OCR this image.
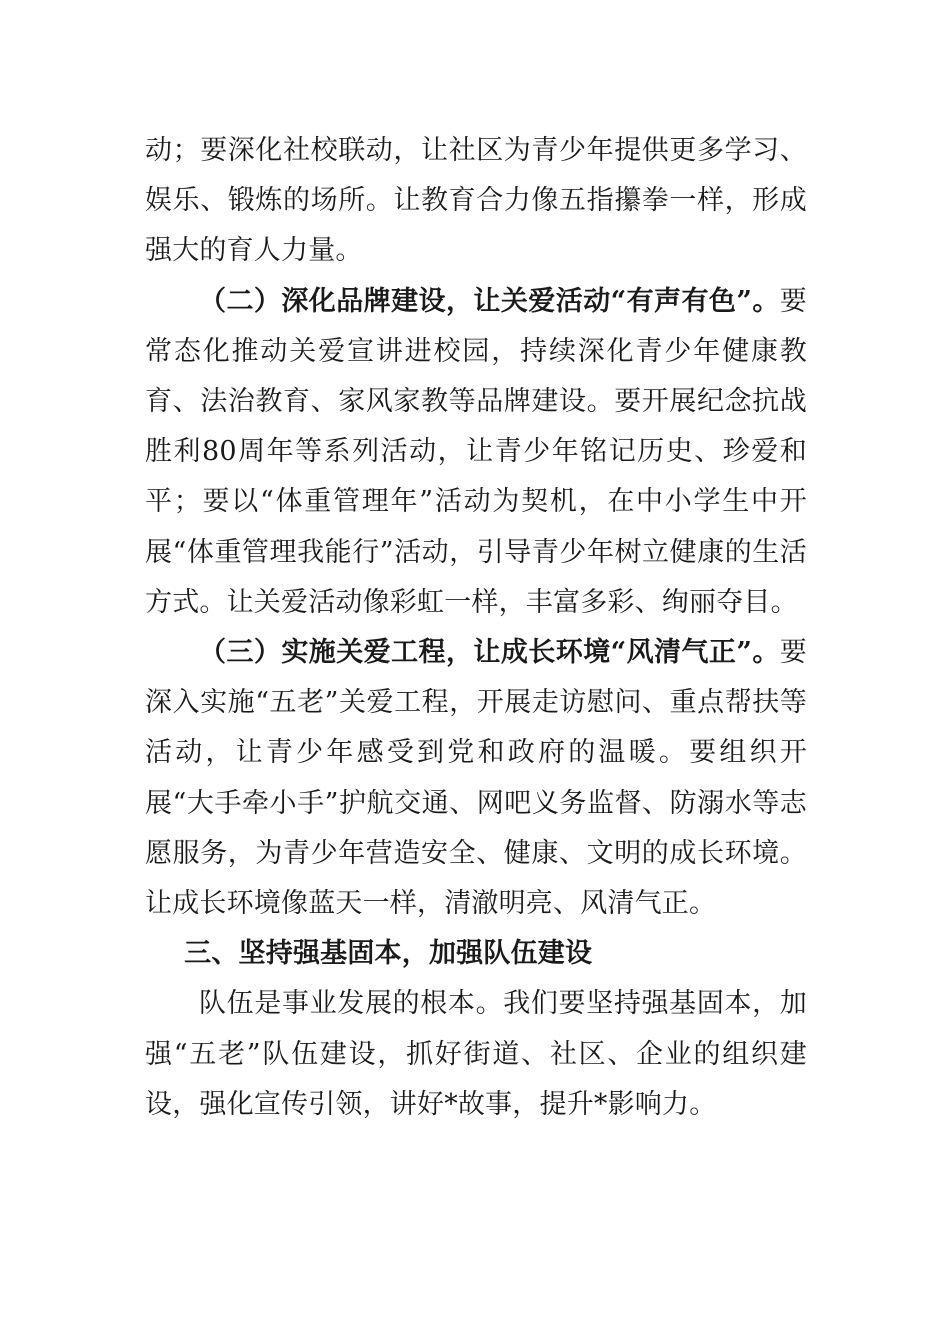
动；要深化社校联动，让社区为青少年提供更多学习、娱乐、锻炼的场所。让教育合力像五指攥拳一样，形成强大的育人力量。

（二）深化品牌建设，让关爱活动“有声有色”。要常态化推动关爱宣讲进校园，持续深化青少年健康教育、法治教育、家风家教等品牌建设。要开展纪念抗战胜利80周年等系列活动，让青少年铭记历史、珍爱和平；要以“体重管理年”活动为契机，在中小学生中开展“体重管理我能行”活动，引导青少年树立健康的生活方式。让关爱活动像彩虹一样，丰富多彩、绚丽夺目。

（三）实施关爱工程，让成长环境“风清气正”。要深入实施“五老”关爱工程，开展走访慰问、重点帮扶等活动，让青少年感受到党和政府的温暖。要组织开展“大手牵小手”护航交通、网吧义务监督、防溺水等志愿服务，为青少年营造安全、健康、文明的成长环境。让成长环境像蓝天一样，清澈明亮、风清气正。

三、坚持强基固本，加强队伍建设

队伍是事业发展的根本。我们要坚持强基固本，加强“五老”队伍建设，抓好街道、社区、企业的组织建设，强化宣传引领，讲好*故事，提升*影响力。
